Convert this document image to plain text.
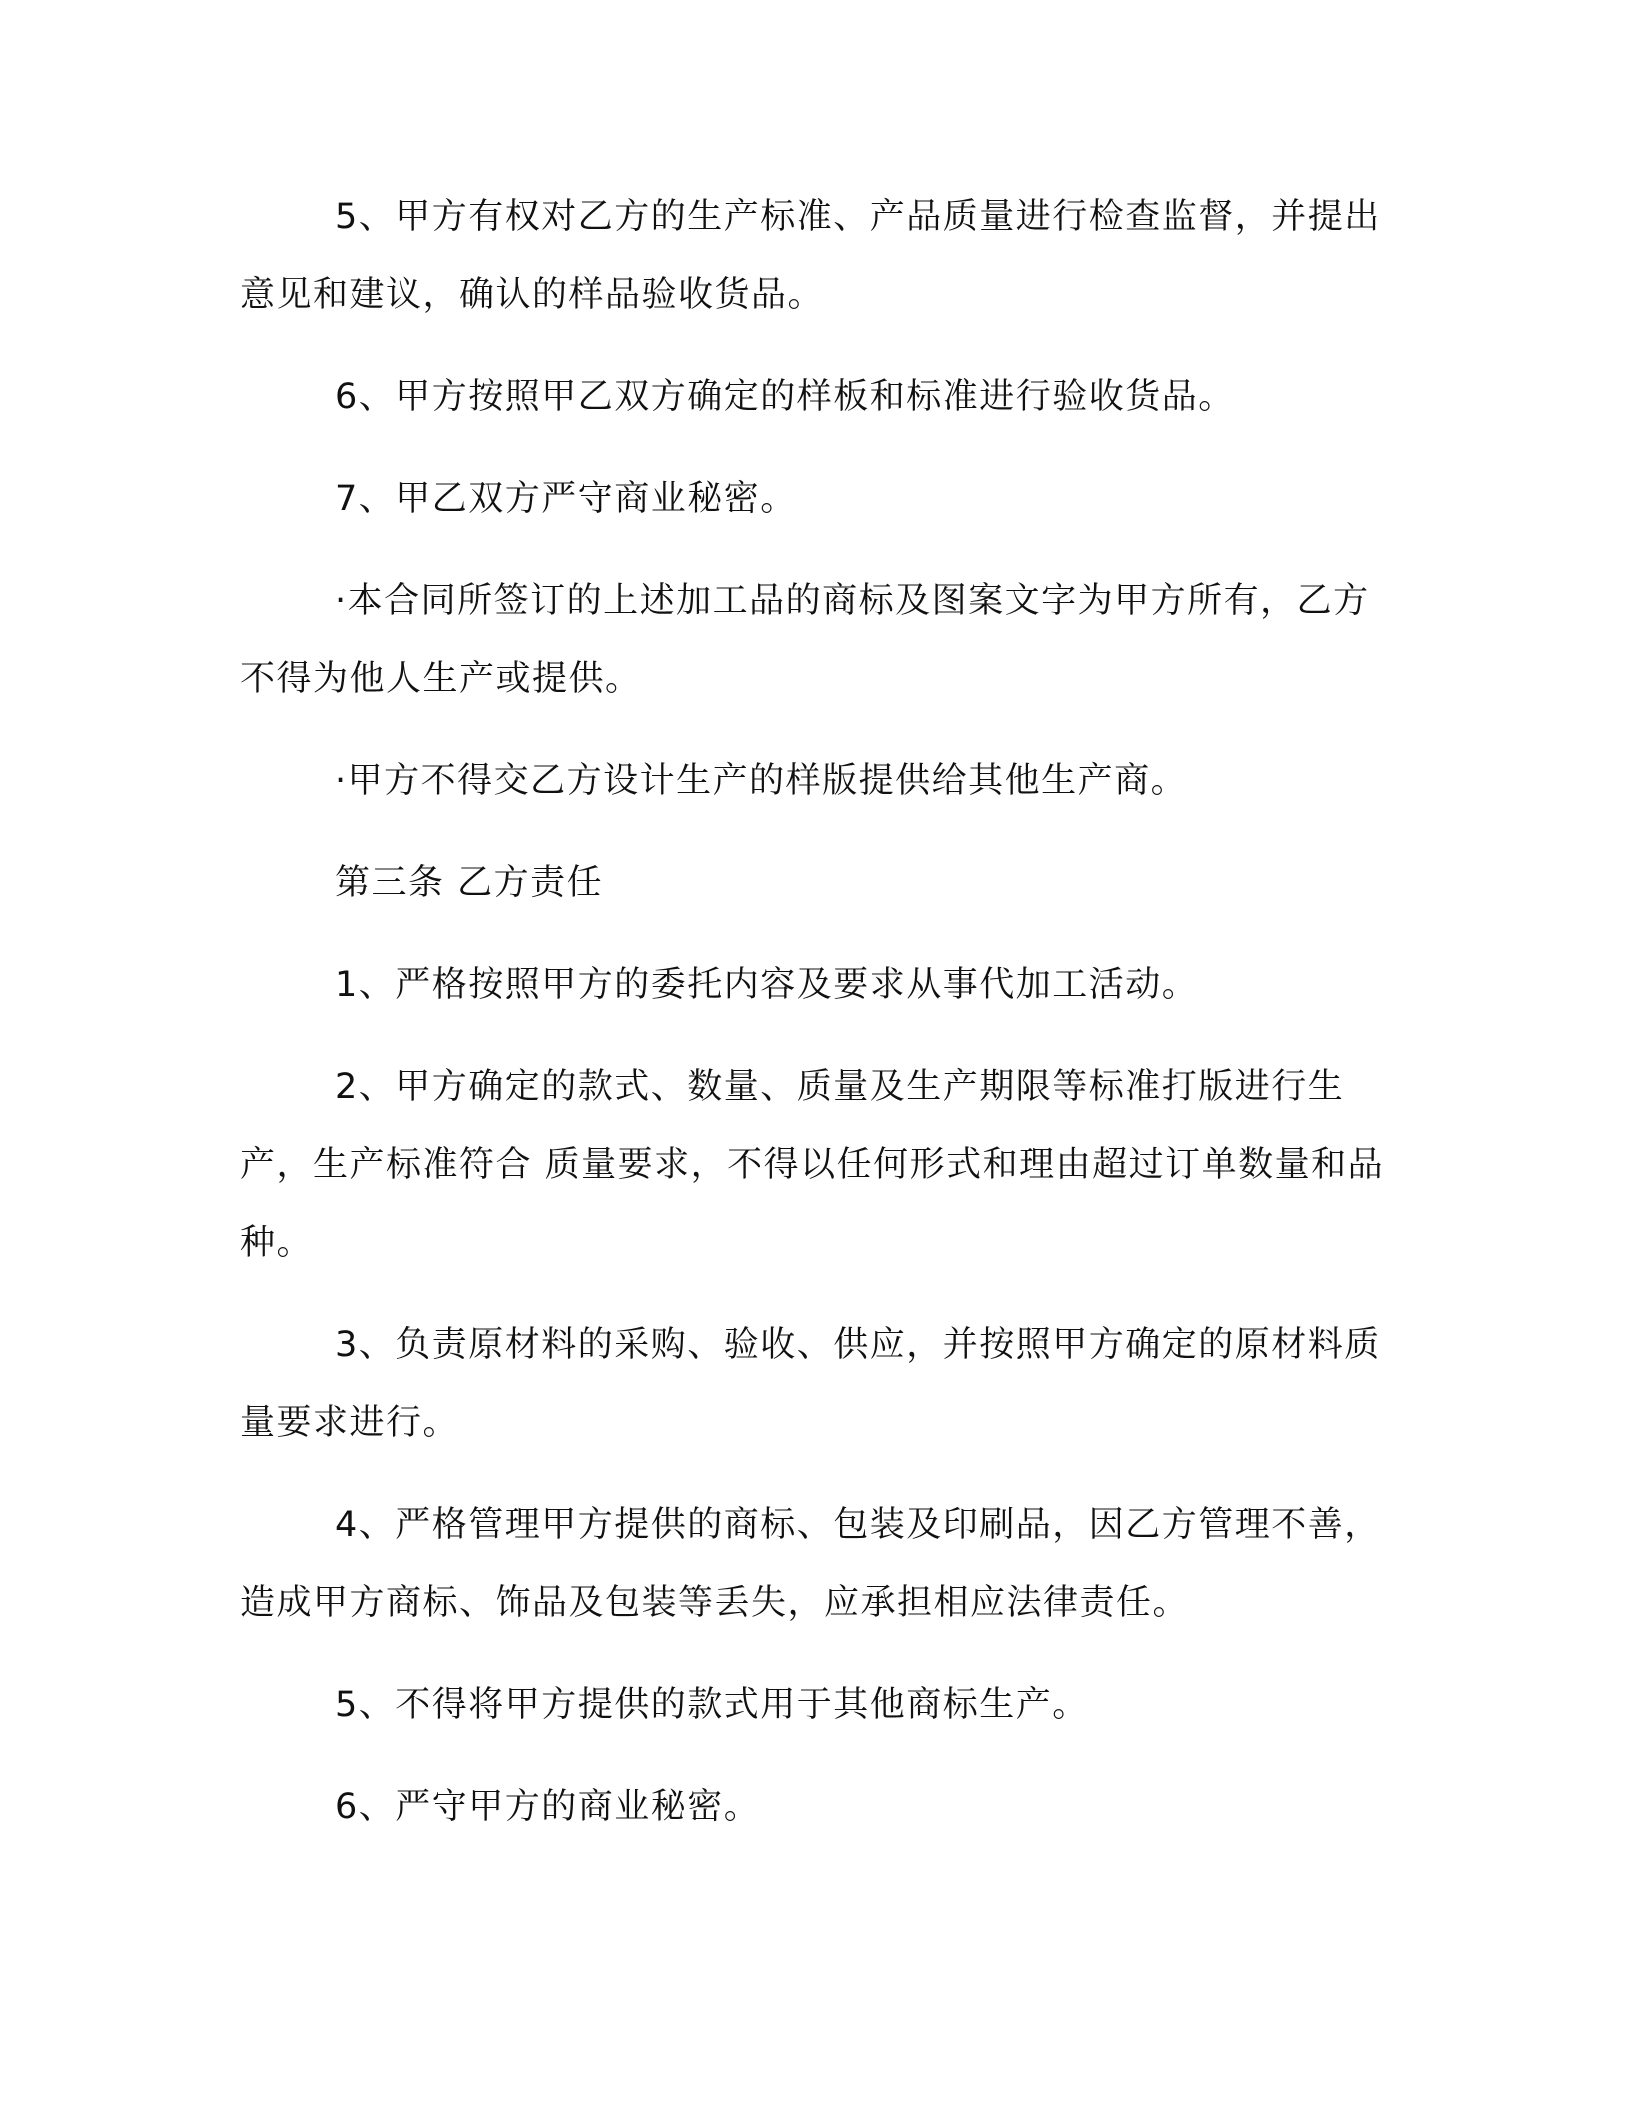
5、甲方有权对乙方的生产标准、产品质量进行检查监督，并提出意见和建议，确认的样品验收货品。

6、甲方按照甲乙双方确定的样板和标准进行验收货品。

7、甲乙双方严守商业秘密。

·本合同所签订的上述加工品的商标及图案文字为甲方所有，乙方不得为他人生产或提供。

·甲方不得交乙方设计生产的样版提供给其他生产商。

第三条 乙方责任

1、严格按照甲方的委托内容及要求从事代加工活动。

2、甲方确定的款式、数量、质量及生产期限等标准打版进行生产，生产标准符合 质量要求，不得以任何形式和理由超过订单数量和品种。

3、负责原材料的采购、验收、供应，并按照甲方确定的原材料质量要求进行。

4、严格管理甲方提供的商标、包装及印刷品，因乙方管理不善，造成甲方商标、饰品及包装等丢失，应承担相应法律责任。

5、不得将甲方提供的款式用于其他商标生产。

6、严守甲方的商业秘密。
